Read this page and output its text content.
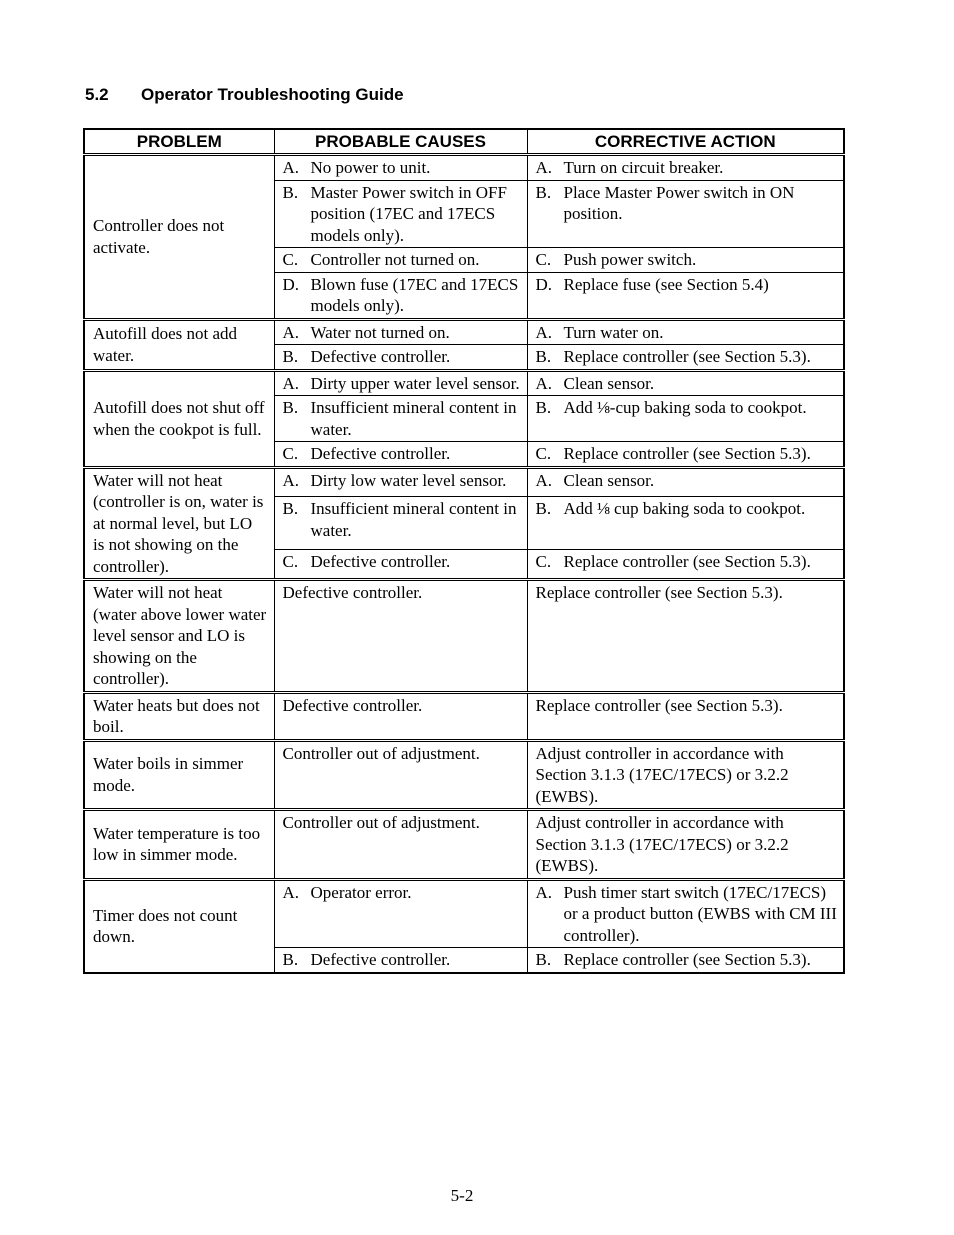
5.2	Operator Troubleshooting Guide
PROBLEM	PROBABLE CAUSES	CORRECTIVE ACTION
Controller does not activate.	A. No power to unit.	A. Turn on circuit breaker.

	B. Master Power switch in OFF position (17EC and 17ECS models only).	B. Place Master Power switch in ON position.

	C. Controller not turned on.	C. Push power switch.

	D. Blown fuse (17EC and 17ECS models only).	D. Replace fuse (see Section 5.4)

Autofill does not add water.	A. Water not turned on.	A. Turn water on.

	B. Defective controller.	B. Replace controller (see Section 5.3).

Autofill does not shut off when the cookpot is full.	A. Dirty upper water level sensor.	A. Clean sensor.

	B. Insufficient mineral content in water.	B. Add ⅛-cup baking soda to cookpot.

	C. Defective controller.	C. Replace controller (see Section 5.3).

Water will not heat (controller is on, water is at normal level, but LO is not showing on the controller).	A. Dirty low water level sensor.	A. Clean sensor.

	B. Insufficient mineral content in water.	B. Add ⅛ cup baking soda to cookpot.

	C. Defective controller.	C. Replace controller (see Section 5.3).

Water will not heat (water above lower water level sensor and LO is showing on the controller).	Defective controller.	Replace controller (see Section 5.3).

Water heats but does not boil.	Defective controller.	Replace controller (see Section 5.3).

Water boils in simmer mode.	Controller out of adjustment.	Adjust controller in accordance with Section 3.1.3 (17EC/17ECS) or 3.2.2 (EWBS).

Water temperature is too low in simmer mode.	Controller out of adjustment.	Adjust controller in accordance with Section 3.1.3 (17EC/17ECS) or 3.2.2 (EWBS).

Timer does not count down.	A. Operator error.	A. Push timer start switch (17EC/17ECS) or a product button (EWBS with CM III controller).

	B. Defective controller.	B. Replace controller (see Section 5.3).
5-2
